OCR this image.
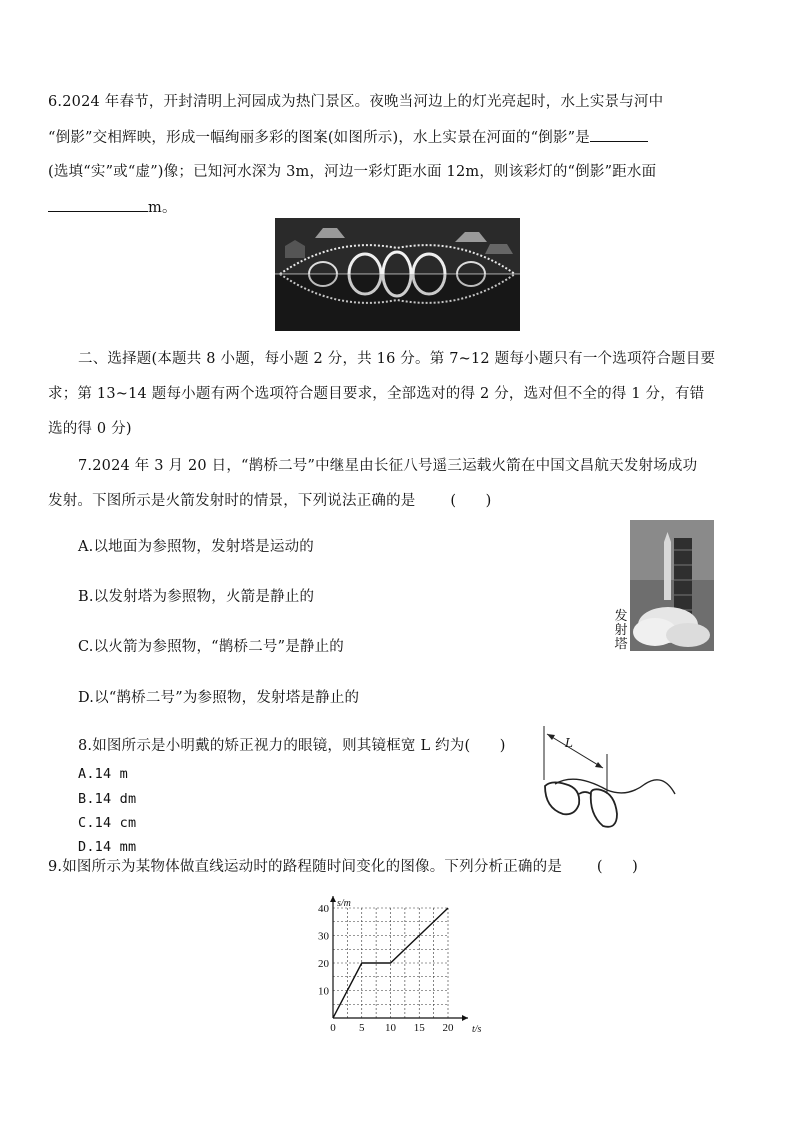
6.2024 年春节，开封清明上河园成为热门景区。夜晚当河边上的灯光亮起时，水上实景与河中
“倒影”交相辉映，形成一幅绚丽多彩的图案(如图所示)，水上实景在河面的“倒影”是
(选填“实”或“虚”)像；已知河水深为 3m，河边一彩灯距水面 12m，则该彩灯的“倒影”距水面
m。
二、选择题(本题共 8 小题，每小题 2 分，共 16 分。第 7~12 题每小题只有一个选项符合题目要
求；第 13~14 题每小题有两个选项符合题目要求，全部选对的得 2 分，选对但不全的得 1 分，有错
选的得 0 分)
7.2024 年 3 月 20 日，“鹊桥二号”中继星由长征八号遥三运载火箭在中国文昌航天发射场成功
发射。下图所示是火箭发射时的情景，下列说法正确的是 (　　)
A.以地面为参照物，发射塔是运动的
B.以发射塔为参照物，火箭是静止的
C.以火箭为参照物，“鹊桥二号”是静止的
D.以“鹊桥二号”为参照物，发射塔是静止的
发
射
塔
8.如图所示是小明戴的矫正视力的眼镜，则其镜框宽 L 约为(　　)
A.14 m
B.14 dm
C.14 cm
D.14 mm
L
9.如图所示为某物体做直线运动时的路程随时间变化的图像。下列分析正确的是 (　　)
0 5 10 15 20
10
20
30
40
t/s
s/m
